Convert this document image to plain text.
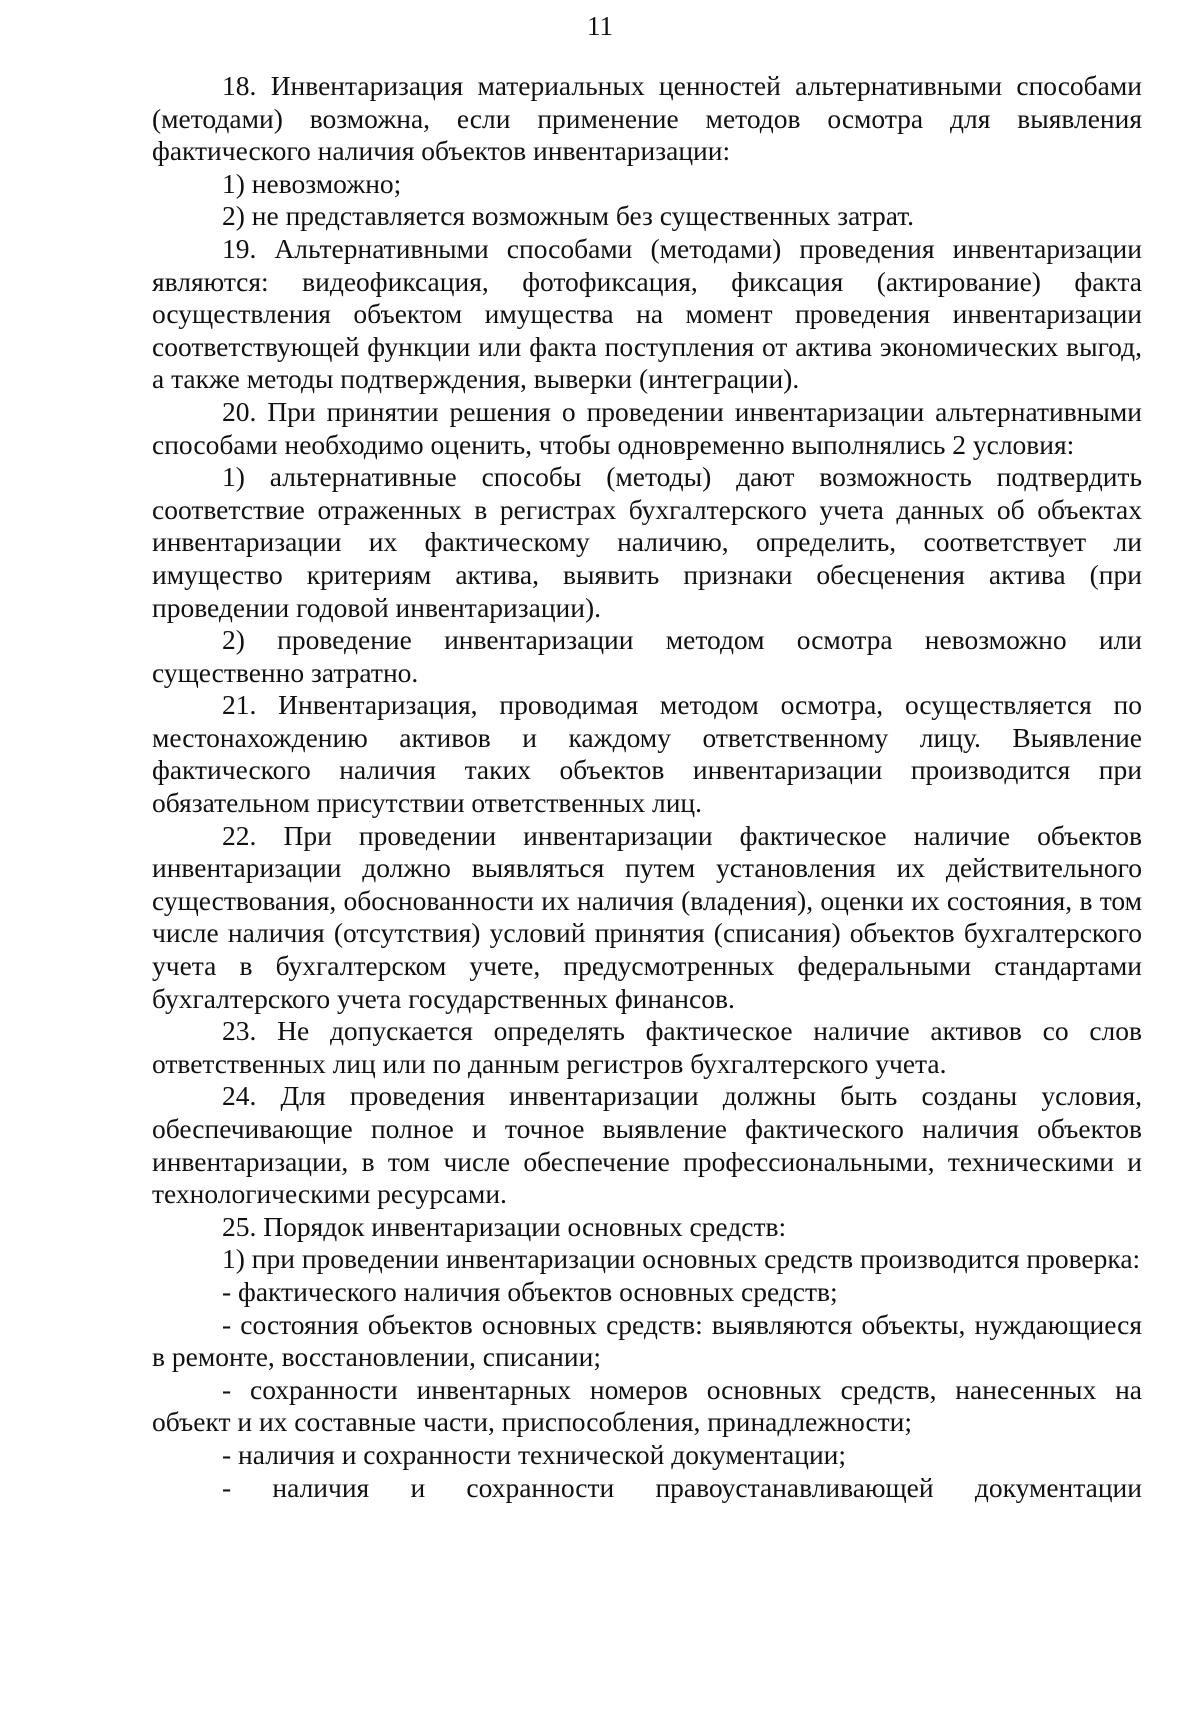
11

18. Инвентаризация материальных ценностей альтернативными способами (методами) возможна, если применение методов осмотра для выявления фактического наличия объектов инвентаризации:

1) невозможно;

2) не представляется возможным без существенных затрат.

19. Альтернативными способами (методами) проведения инвентаризации являются: видеофиксация, фотофиксация, фиксация (актирование) факта осуществления объектом имущества на момент проведения инвентаризации соответствующей функции или факта поступления от актива экономических выгод, а также методы подтверждения, выверки (интеграции).

20. При принятии решения о проведении инвентаризации альтернативными способами необходимо оценить, чтобы одновременно выполнялись 2 условия:

1) альтернативные способы (методы) дают возможность подтвердить соответствие отраженных в регистрах бухгалтерского учета данных об объектах инвентаризации их фактическому наличию, определить, соответствует ли имущество критериям актива, выявить признаки обесценения актива (при проведении годовой инвентаризации).

2) проведение инвентаризации методом осмотра невозможно или существенно затратно.

21. Инвентаризация, проводимая методом осмотра, осуществляется по местонахождению активов и каждому ответственному лицу. Выявление фактического наличия таких объектов инвентаризации производится при обязательном присутствии ответственных лиц.

22. При проведении инвентаризации фактическое наличие объектов инвентаризации должно выявляться путем установления их действительного существования, обоснованности их наличия (владения), оценки их состояния, в том числе наличия (отсутствия) условий принятия (списания) объектов бухгалтерского учета в бухгалтерском учете, предусмотренных федеральными стандартами бухгалтерского учета государственных финансов.

23. Не допускается определять фактическое наличие активов со слов ответственных лиц или по данным регистров бухгалтерского учета.

24. Для проведения инвентаризации должны быть созданы условия, обеспечивающие полное и точное выявление фактического наличия объектов инвентаризации, в том числе обеспечение профессиональными, техническими и технологическими ресурсами.

25. Порядок инвентаризации основных средств:

1) при проведении инвентаризации основных средств производится проверка:

- фактического наличия объектов основных средств;

- состояния объектов основных средств: выявляются объекты, нуждающиеся в ремонте, восстановлении, списании;

- сохранности инвентарных номеров основных средств, нанесенных на объект и их составные части, приспособления, принадлежности;

- наличия и сохранности технической документации;

- наличия и сохранности правоустанавливающей документации
